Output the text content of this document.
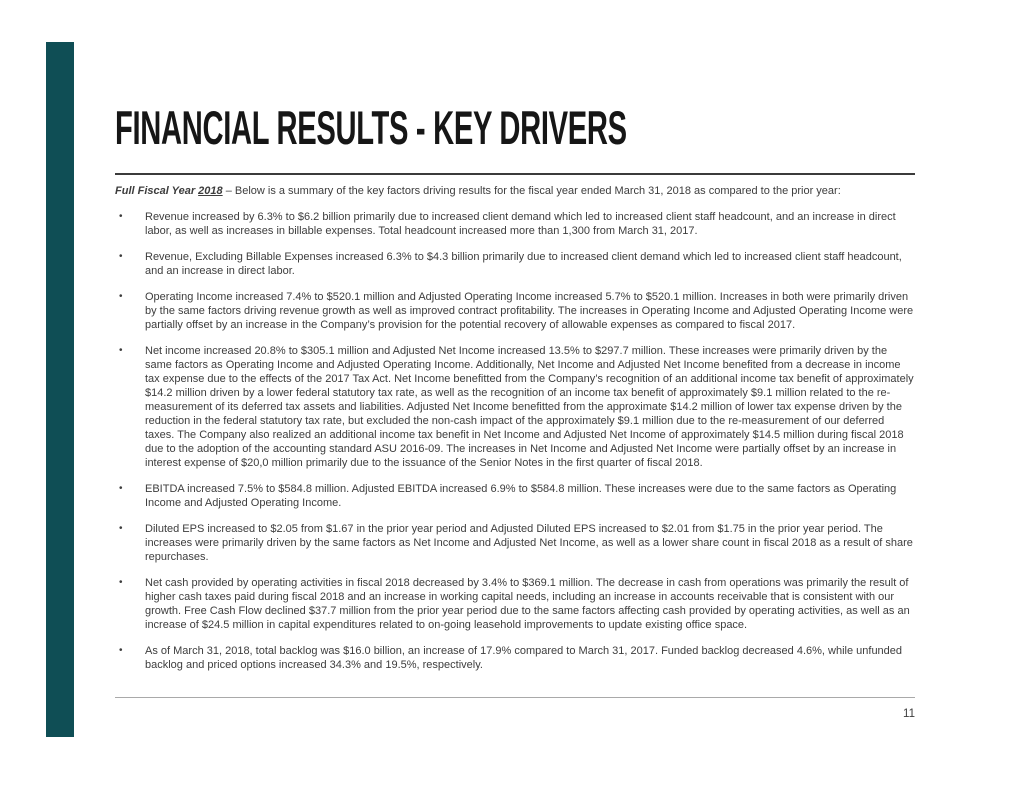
FINANCIAL RESULTS - KEY DRIVERS

Full Fiscal Year 2018 – Below is a summary of the key factors driving results for the fiscal year ended March 31, 2018 as compared to the prior year:

•	Revenue increased by 6.3% to $6.2 billion primarily due to increased client demand which led to increased client staff headcount, and an increase in direct labor, as well as increases in billable expenses. Total headcount increased more than 1,300 from March 31, 2017.
•	Revenue, Excluding Billable Expenses increased 6.3% to $4.3 billion primarily due to increased client demand which led to increased client staff headcount, and an increase in direct labor.
•	Operating Income increased 7.4% to $520.1 million and Adjusted Operating Income increased 5.7% to $520.1 million. Increases in both were primarily driven by the same factors driving revenue growth as well as improved contract profitability. The increases in Operating Income and Adjusted Operating Income were partially offset by an increase in the Company’s provision for the potential recovery of allowable expenses as compared to fiscal 2017.
•	Net income increased 20.8% to $305.1 million and Adjusted Net Income increased 13.5% to $297.7 million. These increases were primarily driven by the same factors as Operating Income and Adjusted Operating Income. Additionally, Net Income and Adjusted Net Income benefited from a decrease in income tax expense due to the effects of the 2017 Tax Act. Net Income benefitted from the Company’s recognition of an additional income tax benefit of approximately $14.2 million driven by a lower federal statutory tax rate, as well as the recognition of an income tax benefit of approximately $9.1 million related to the re-measurement of its deferred tax assets and liabilities. Adjusted Net Income benefitted from the approximate $14.2 million of lower tax expense driven by the reduction in the federal statutory tax rate, but excluded the non-cash impact of the approximately $9.1 million due to the re-measurement of our deferred taxes. The Company also realized an additional income tax benefit in Net Income and Adjusted Net Income of approximately $14.5 million during fiscal 2018 due to the adoption of the accounting standard ASU 2016-09. The increases in Net Income and Adjusted Net Income were partially offset by an increase in interest expense of $20,0 million primarily due to the issuance of the Senior Notes in the first quarter of fiscal 2018.
•	EBITDA increased 7.5% to $584.8 million. Adjusted EBITDA increased 6.9% to $584.8 million. These increases were due to the same factors as Operating Income and Adjusted Operating Income.
•	Diluted EPS increased to $2.05 from $1.67 in the prior year period and Adjusted Diluted EPS increased to $2.01 from $1.75 in the prior year period. The increases were primarily driven by the same factors as Net Income and Adjusted Net Income, as well as a lower share count in fiscal 2018 as a result of share repurchases.
•	Net cash provided by operating activities in fiscal 2018 decreased by 3.4% to $369.1 million. The decrease in cash from operations was primarily the result of higher cash taxes paid during fiscal 2018 and an increase in working capital needs, including an increase in accounts receivable that is consistent with our growth. Free Cash Flow declined $37.7 million from the prior year period due to the same factors affecting cash provided by operating activities, as well as an increase of $24.5 million in capital expenditures related to on-going leasehold improvements to update existing office space.
•	As of March 31, 2018, total backlog was $16.0 billion, an increase of 17.9% compared to March 31, 2017. Funded backlog decreased 4.6%, while unfunded backlog and priced options increased 34.3% and 19.5%, respectively.
11
